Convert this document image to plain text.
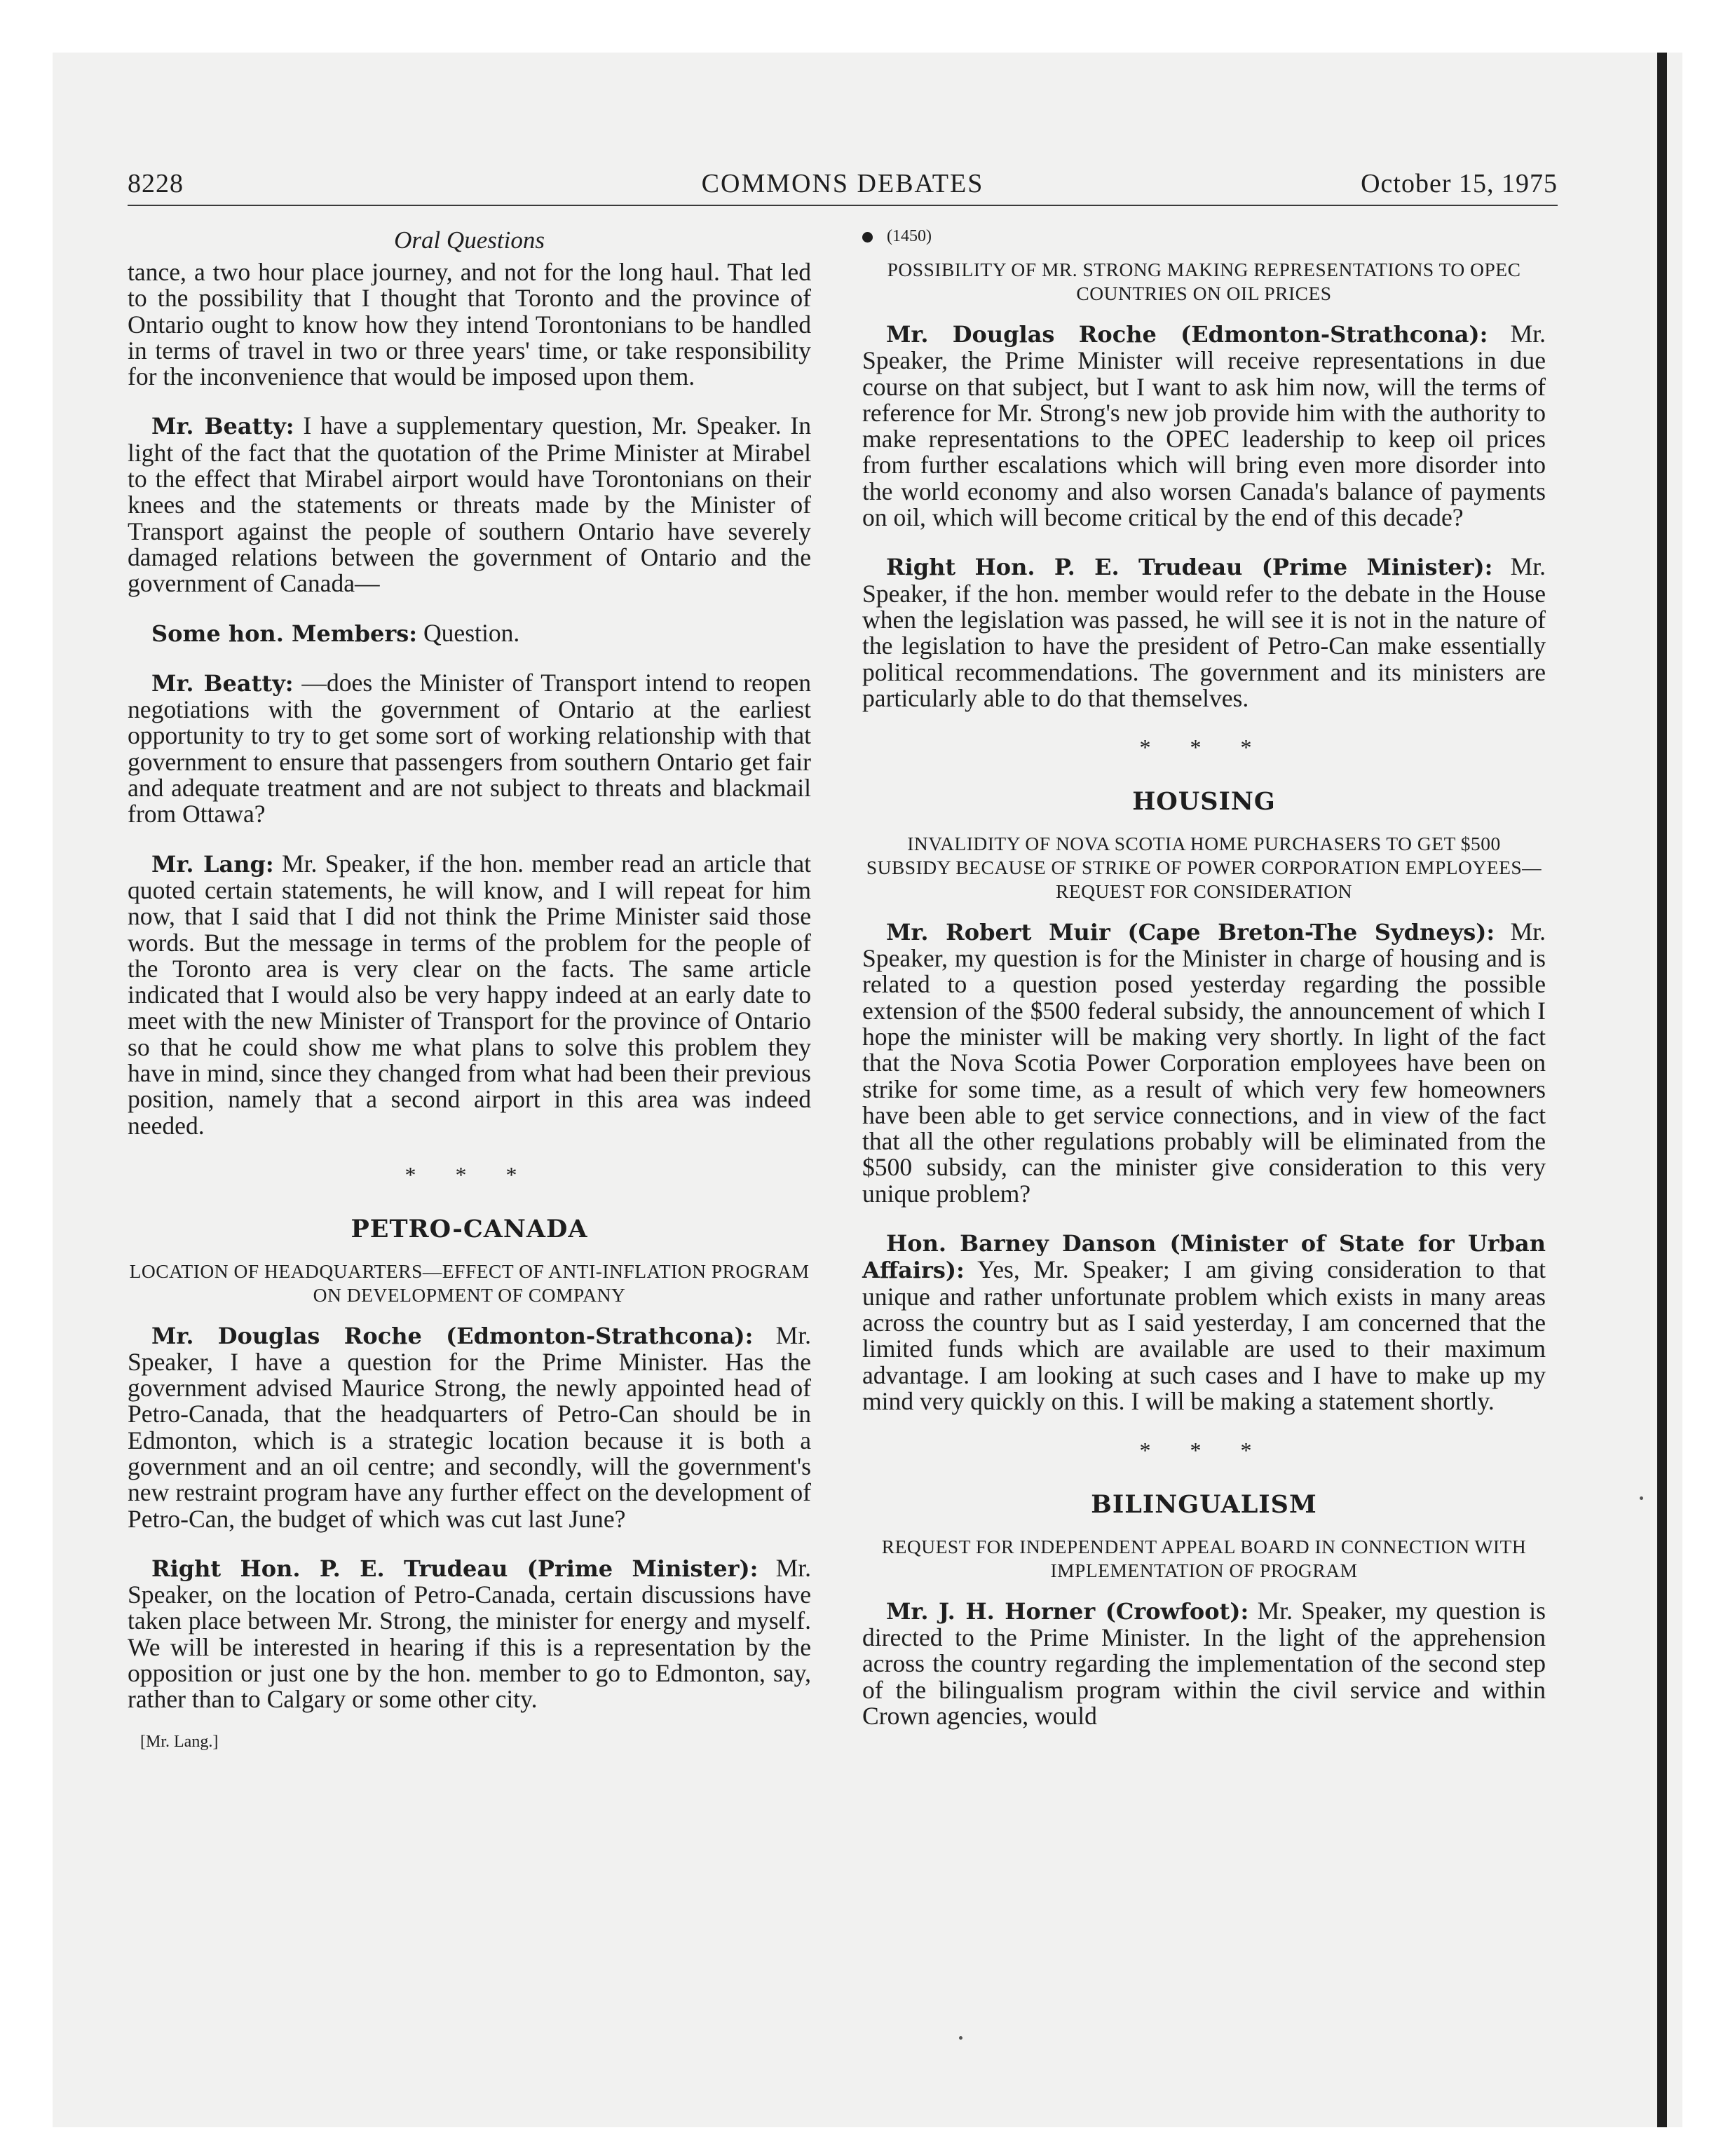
8228	COMMONS DEBATES	October 15, 1975
Oral Questions

tance, a two hour place journey, and not for the long haul. That led to the possibility that I thought that Toronto and the province of Ontario ought to know how they intend Torontonians to be handled in terms of travel in two or three years' time, or take responsibility for the inconvenience that would be imposed upon them.

Mr. Beatty: I have a supplementary question, Mr. Speaker. In light of the fact that the quotation of the Prime Minister at Mirabel to the effect that Mirabel airport would have Torontonians on their knees and the statements or threats made by the Minister of Transport against the people of southern Ontario have severely damaged relations between the government of Ontario and the government of Canada—

Some hon. Members: Question.

Mr. Beatty: —does the Minister of Transport intend to reopen negotiations with the government of Ontario at the earliest opportunity to try to get some sort of working relationship with that government to ensure that passengers from southern Ontario get fair and adequate treatment and are not subject to threats and blackmail from Ottawa?

Mr. Lang: Mr. Speaker, if the hon. member read an article that quoted certain statements, he will know, and I will repeat for him now, that I said that I did not think the Prime Minister said those words. But the message in terms of the problem for the people of the Toronto area is very clear on the facts. The same article indicated that I would also be very happy indeed at an early date to meet with the new Minister of Transport for the province of Ontario so that he could show me what plans to solve this problem they have in mind, since they changed from what had been their previous position, namely that a second airport in this area was indeed needed.

* * *
PETRO-CANADA
LOCATION OF HEADQUARTERS—EFFECT OF ANTI-INFLATION PROGRAM ON DEVELOPMENT OF COMPANY

Mr. Douglas Roche (Edmonton-Strathcona): Mr. Speaker, I have a question for the Prime Minister. Has the government advised Maurice Strong, the newly appointed head of Petro-Canada, that the headquarters of Petro-Can should be in Edmonton, which is a strategic location because it is both a government and an oil centre; and secondly, will the government's new restraint program have any further effect on the development of Petro-Can, the budget of which was cut last June?

Right Hon. P. E. Trudeau (Prime Minister): Mr. Speaker, on the location of Petro-Canada, certain discussions have taken place between Mr. Strong, the minister for energy and myself. We will be interested in hearing if this is a representation by the opposition or just one by the hon. member to go to Edmonton, say, rather than to Calgary or some other city.

[Mr. Lang.]
(1450)
POSSIBILITY OF MR. STRONG MAKING REPRESENTATIONS TO OPEC COUNTRIES ON OIL PRICES

Mr. Douglas Roche (Edmonton-Strathcona): Mr. Speaker, the Prime Minister will receive representations in due course on that subject, but I want to ask him now, will the terms of reference for Mr. Strong's new job provide him with the authority to make representations to the OPEC leadership to keep oil prices from further escalations which will bring even more disorder into the world economy and also worsen Canada's balance of payments on oil, which will become critical by the end of this decade?

Right Hon. P. E. Trudeau (Prime Minister): Mr. Speaker, if the hon. member would refer to the debate in the House when the legislation was passed, he will see it is not in the nature of the legislation to have the president of Petro-Can make essentially political recommendations. The government and its ministers are particularly able to do that themselves.

* * *
HOUSING
INVALIDITY OF NOVA SCOTIA HOME PURCHASERS TO GET $500 SUBSIDY BECAUSE OF STRIKE OF POWER CORPORATION EMPLOYEES—REQUEST FOR CONSIDERATION

Mr. Robert Muir (Cape Breton-The Sydneys): Mr. Speaker, my question is for the Minister in charge of housing and is related to a question posed yesterday regarding the possible extension of the $500 federal subsidy, the announcement of which I hope the minister will be making very shortly. In light of the fact that the Nova Scotia Power Corporation employees have been on strike for some time, as a result of which very few homeowners have been able to get service connections, and in view of the fact that all the other regulations probably will be eliminated from the $500 subsidy, can the minister give consideration to this very unique problem?

Hon. Barney Danson (Minister of State for Urban Affairs): Yes, Mr. Speaker; I am giving consideration to that unique and rather unfortunate problem which exists in many areas across the country but as I said yesterday, I am concerned that the limited funds which are available are used to their maximum advantage. I am looking at such cases and I have to make up my mind very quickly on this. I will be making a statement shortly.

* * *
BILINGUALISM
REQUEST FOR INDEPENDENT APPEAL BOARD IN CONNECTION WITH IMPLEMENTATION OF PROGRAM

Mr. J. H. Horner (Crowfoot): Mr. Speaker, my question is directed to the Prime Minister. In the light of the apprehension across the country regarding the implementation of the second step of the bilingualism program within the civil service and within Crown agencies, would
